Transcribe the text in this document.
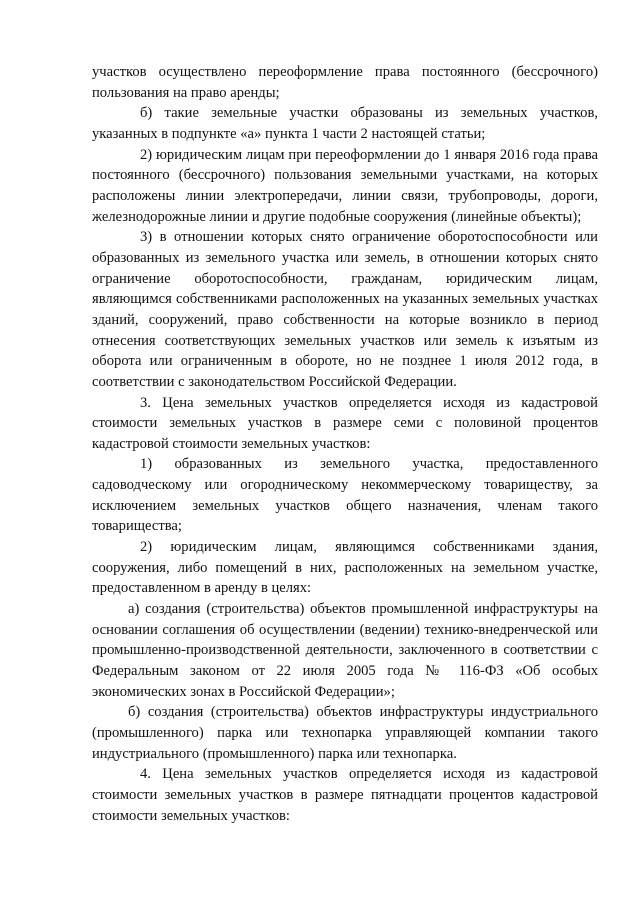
участков осуществлено переоформление права постоянного (бессрочного) пользования на право аренды;

б) такие земельные участки образованы из земельных участков, указанных в подпункте «а» пункта 1 части 2 настоящей статьи;

2) юридическим лицам при переоформлении до 1 января 2016 года права постоянного (бессрочного) пользования земельными участками, на которых расположены линии электропередачи, линии связи, трубопроводы, дороги, железнодорожные линии и другие подобные сооружения (линейные объекты);

3) в отношении которых снято ограничение оборотоспособности или образованных из земельного участка или земель, в отношении которых снято ограничение оборотоспособности, гражданам, юридическим лицам, являющимся собственниками расположенных на указанных земельных участках зданий, сооружений, право собственности на которые возникло в период отнесения соответствующих земельных участков или земель к изъятым из оборота или ограниченным в обороте, но не позднее 1 июля 2012 года, в соответствии с законодательством Российской Федерации.

3. Цена земельных участков определяется исходя из кадастровой стоимости земельных участков в размере семи с половиной процентов кадастровой стоимости земельных участков:

1) образованных из земельного участка, предоставленного садоводческому или огородническому некоммерческому товариществу, за исключением земельных участков общего назначения, членам такого товарищества;

2) юридическим лицам, являющимся собственниками здания, сооружения, либо помещений в них, расположенных на земельном участке, предоставленном в аренду в целях:

а) создания (строительства) объектов промышленной инфраструктуры на основании соглашения об осуществлении (ведении) технико-внедренческой или промышленно-производственной деятельности, заключенного в соответствии с Федеральным законом от 22 июля 2005 года № 116-ФЗ «Об особых экономических зонах в Российской Федерации»;

б) создания (строительства) объектов инфраструктуры индустриального (промышленного) парка или технопарка управляющей компании такого индустриального (промышленного) парка или технопарка.

4. Цена земельных участков определяется исходя из кадастровой стоимости земельных участков в размере пятнадцати процентов кадастровой стоимости земельных участков:
